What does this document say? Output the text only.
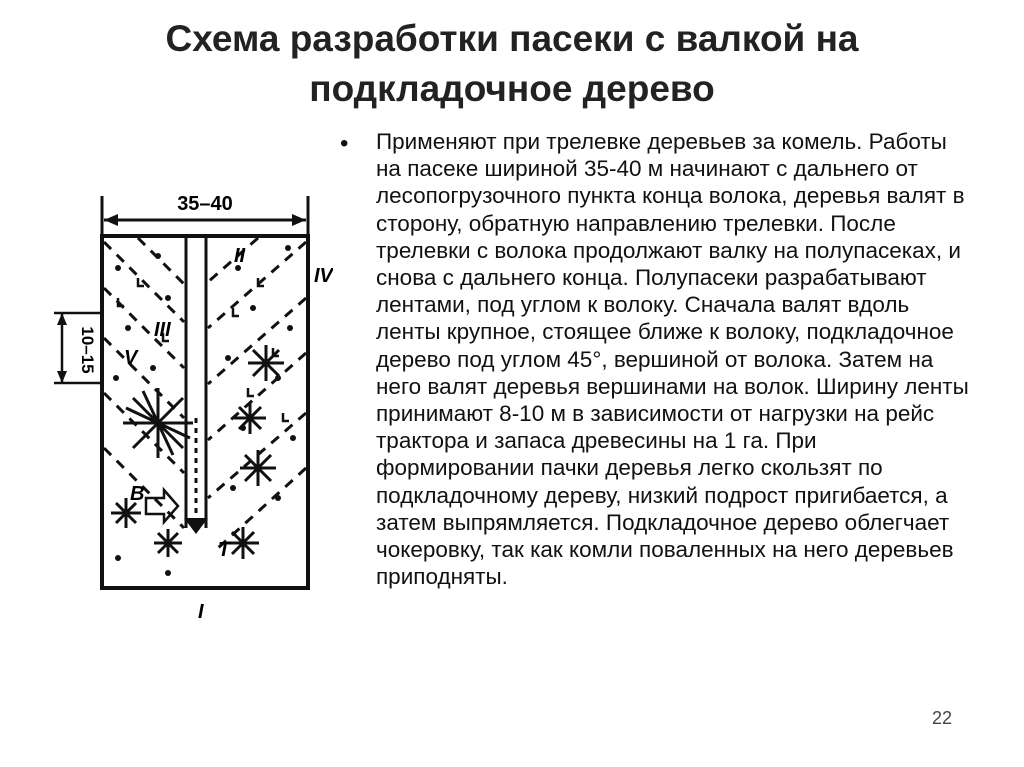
Схема разработки пасеки с валкой на
подкладочное дерево
35–40
10–15
II
III
IV
V
В
Т
I
• Применяют при трелевке деревьев за комель. Работы на пасеке шириной 35-40 м начинают с дальнего от лесопогрузочного пункта конца волока, деревья валят в сторону, обратную направлению трелевки. После трелевки с волока продолжают валку на полупасеках, и снова с дальнего конца. Полупасеки разрабатывают лентами, под углом к волоку. Сначала валят вдоль ленты крупное, стоящее ближе к волоку, подкладочное дерево под углом 45°, вершиной от волока. Затем на него валят деревья вершинами на волок. Ширину ленты принимают 8-10 м в зависимости от нагрузки на рейс трактора и запаса древесины на 1 га. При формировании пачки деревья легко скользят по подкладочному дереву, низкий подрост пригибается, а затем выпрямляется. Подкладочное дерево облегчает чокеровку, так как комли поваленных на него деревьев приподняты.
22
